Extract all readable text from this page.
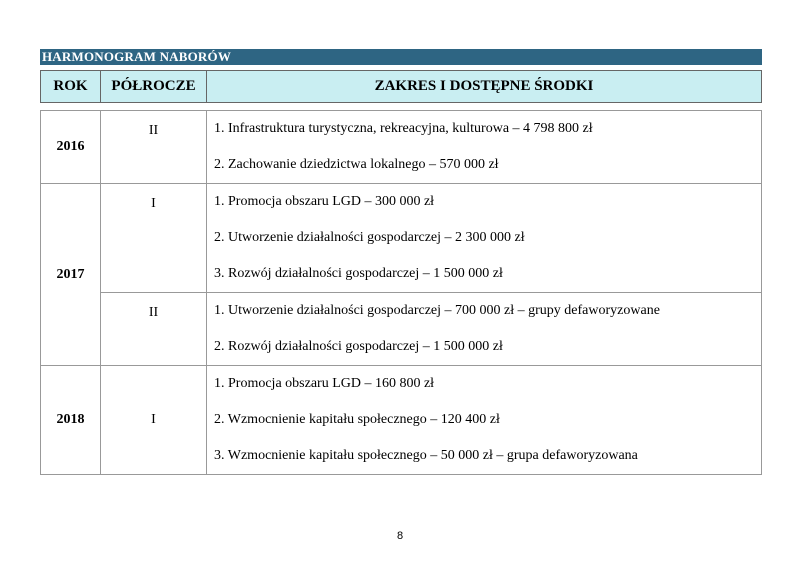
HARMONOGRAM NABORÓW
ROK	PÓŁROCZE	ZAKRES I DOSTĘPNE ŚRODKI
2016	II	1. Infrastruktura turystyczna, rekreacyjna, kulturowa – 4 798 800 zł
2. Zachowanie dziedzictwa lokalnego – 570 000 zł

2017	I	1. Promocja obszaru LGD – 300 000 zł
2. Utworzenie działalności gospodarczej – 2 300 000 zł
3. Rozwój działalności gospodarczej – 1 500 000 zł

	II	1. Utworzenie działalności gospodarczej – 700 000 zł – grupy defaworyzowane
2. Rozwój działalności gospodarczej – 1 500 000 zł

2018	I	1. Promocja obszaru LGD – 160 800 zł
2. Wzmocnienie kapitału społecznego – 120 400 zł
3. Wzmocnienie kapitału społecznego – 50 000 zł – grupa defaworyzowana
8
